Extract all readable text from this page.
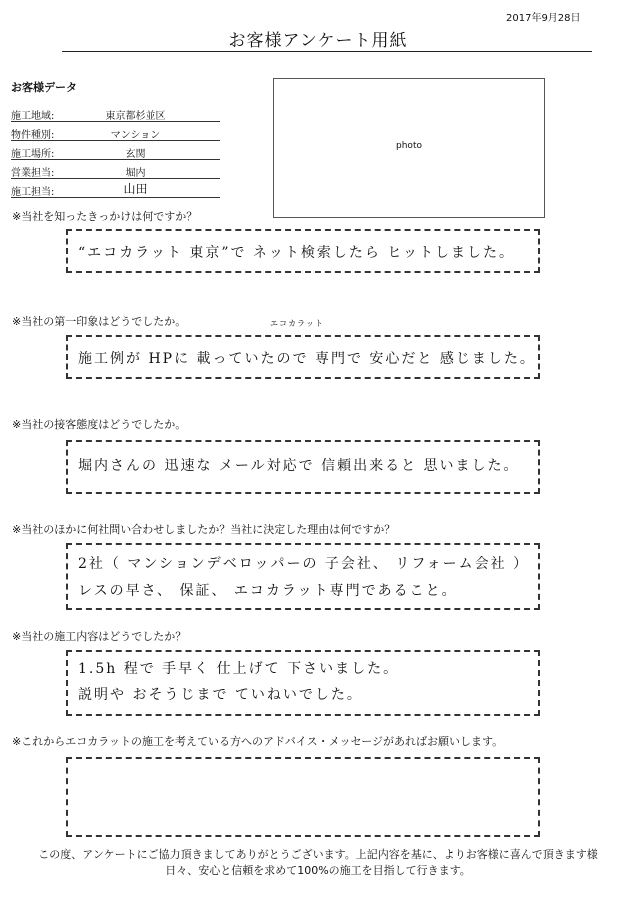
2017年9月28日
お客様アンケート用紙
お客様データ
施工地域:	東京都杉並区
物件種別:	マンション
施工場所:	玄関
営業担当:	堀内
施工担当:	山田
photo
※当社を知ったきっかけは何ですか？
“エコカラット 東京”で ネット検索したら ヒットしました。
※当社の第一印象はどうでしたか。	エコカラット
施工例が HPに 載っていたので 専門で 安心だと 感じました。
※当社の接客態度はどうでしたか。
堀内さんの 迅速な メール対応で 信頼出来ると 思いました。
※当社のほかに何社問い合わせしましたか？当社に決定した理由は何ですか？
2社（ マンションデベロッパーの 子会社、 リフォーム会社 ）
レスの早さ、 保証、 エコカラット専門であること。
※当社の施工内容はどうでしたか？
1.5h 程で 手早く 仕上げて 下さいました。
説明や おそうじまで ていねいでした。
※これからエコカラットの施工を考えている方へのアドバイス・メッセージがあればお願いします。
この度、アンケートにご協力頂きましてありがとうございます。上記内容を基に、よりお客様に喜んで頂きます様
日々、安心と信頼を求めて100%の施工を目指して行きます。
